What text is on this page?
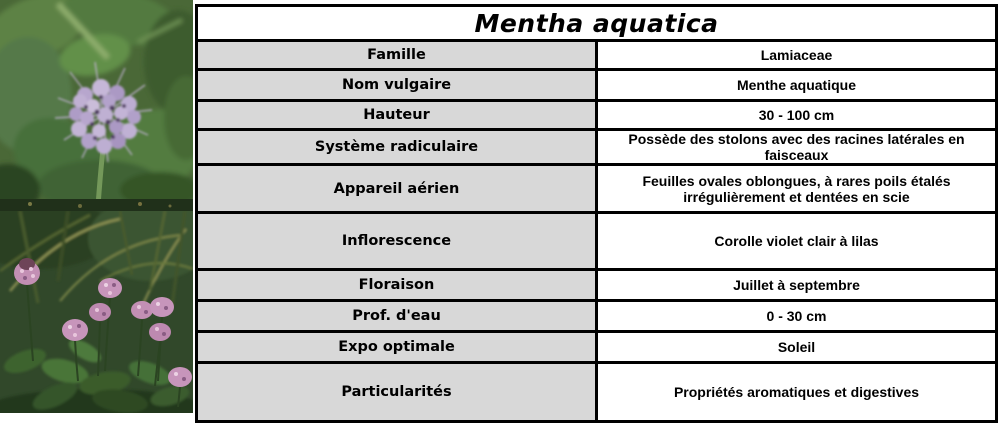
Mentha aquatica	
Famille	Lamiaceae
Nom vulgaire	Menthe aquatique
Hauteur	30 - 100 cm
Système radiculaire	Possède des stolons avec des racines latérales en faisceaux
Appareil aérien	Feuilles ovales oblongues, à rares poils étalés irrégulièrement et dentées en scie
Inflorescence	Corolle violet clair à lilas
Floraison	Juillet à septembre
Prof. d'eau	0 - 30 cm
Expo optimale	Soleil
Particularités	Propriétés aromatiques et digestives
